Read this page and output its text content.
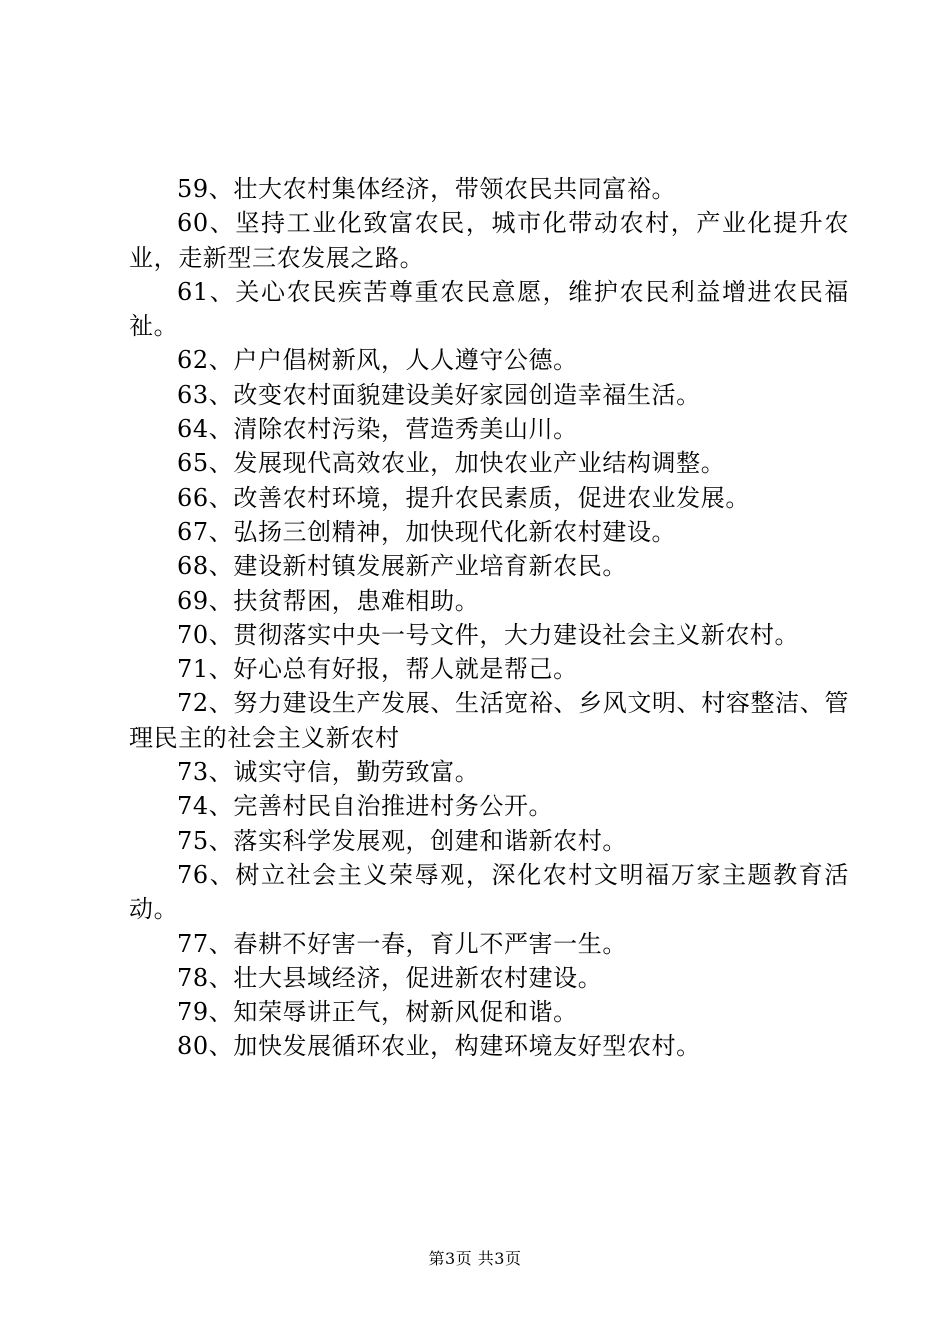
59、壮大农村集体经济，带领农民共同富裕。

60、坚持工业化致富农民，城市化带动农村，产业化提升农业，走新型三农发展之路。

61、关心农民疾苦尊重农民意愿，维护农民利益增进农民福祉。

62、户户倡树新风，人人遵守公德。

63、改变农村面貌建设美好家园创造幸福生活。

64、清除农村污染，营造秀美山川。

65、发展现代高效农业，加快农业产业结构调整。

66、改善农村环境，提升农民素质，促进农业发展。

67、弘扬三创精神，加快现代化新农村建设。

68、建设新村镇发展新产业培育新农民。

69、扶贫帮困，患难相助。

70、贯彻落实中央一号文件，大力建设社会主义新农村。

71、好心总有好报，帮人就是帮己。

72、努力建设生产发展、生活宽裕、乡风文明、村容整洁、管理民主的社会主义新农村

73、诚实守信，勤劳致富。

74、完善村民自治推进村务公开。

75、落实科学发展观，创建和谐新农村。

76、树立社会主义荣辱观，深化农村文明福万家主题教育活动。

77、春耕不好害一春，育儿不严害一生。

78、壮大县域经济，促进新农村建设。

79、知荣辱讲正气，树新风促和谐。

80、加快发展循环农业，构建环境友好型农村。

第3页 共3页
